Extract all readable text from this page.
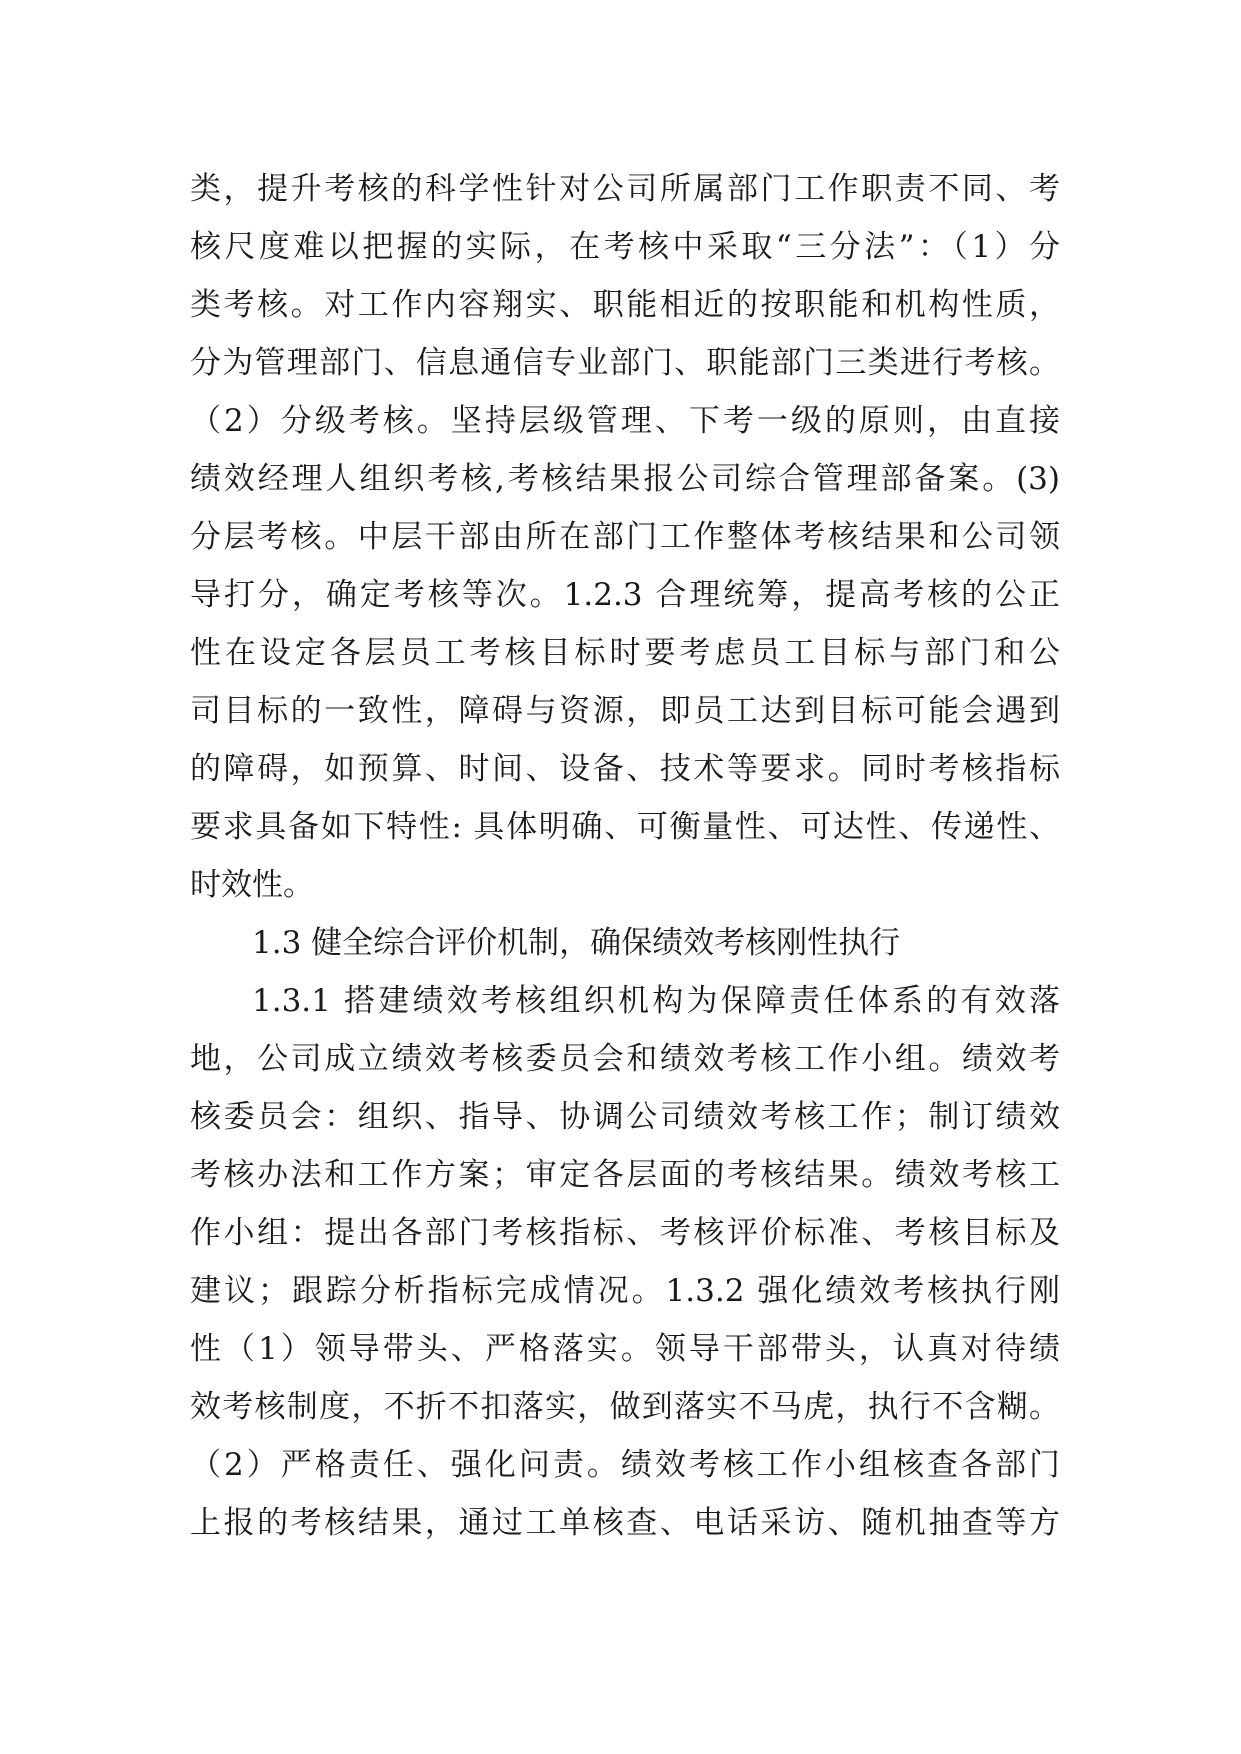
类，提升考核的科学性针对公司所属部门工作职责不同、考
核尺度难以把握的实际，在考核中采取“三分法”：（1）分
类考核。对工作内容翔实、职能相近的按职能和机构性质，
分为管理部门、信息通信专业部门、职能部门三类进行考核。
（2）分级考核。坚持层级管理、下考一级的原则，由直接
绩效经理人组织考核,考核结果报公司综合管理部备案。(3)
分层考核。中层干部由所在部门工作整体考核结果和公司领
导打分，确定考核等次。1.2.3 合理统筹，提高考核的公正
性在设定各层员工考核目标时要考虑员工目标与部门和公
司目标的一致性，障碍与资源，即员工达到目标可能会遇到
的障碍，如预算、时间、设备、技术等要求。同时考核指标
要求具备如下特性: 具体明确、可衡量性、可达性、传递性、
时效性。
1.3 健全综合评价机制，确保绩效考核刚性执行
1.3.1 搭建绩效考核组织机构为保障责任体系的有效落
地，公司成立绩效考核委员会和绩效考核工作小组。绩效考
核委员会：组织、指导、协调公司绩效考核工作；制订绩效
考核办法和工作方案；审定各层面的考核结果。绩效考核工
作小组：提出各部门考核指标、考核评价标准、考核目标及
建议；跟踪分析指标完成情况。1.3.2 强化绩效考核执行刚
性（1）领导带头、严格落实。领导干部带头，认真对待绩
效考核制度，不折不扣落实，做到落实不马虎，执行不含糊。
（2）严格责任、强化问责。绩效考核工作小组核查各部门
上报的考核结果，通过工单核查、电话采访、随机抽查等方
